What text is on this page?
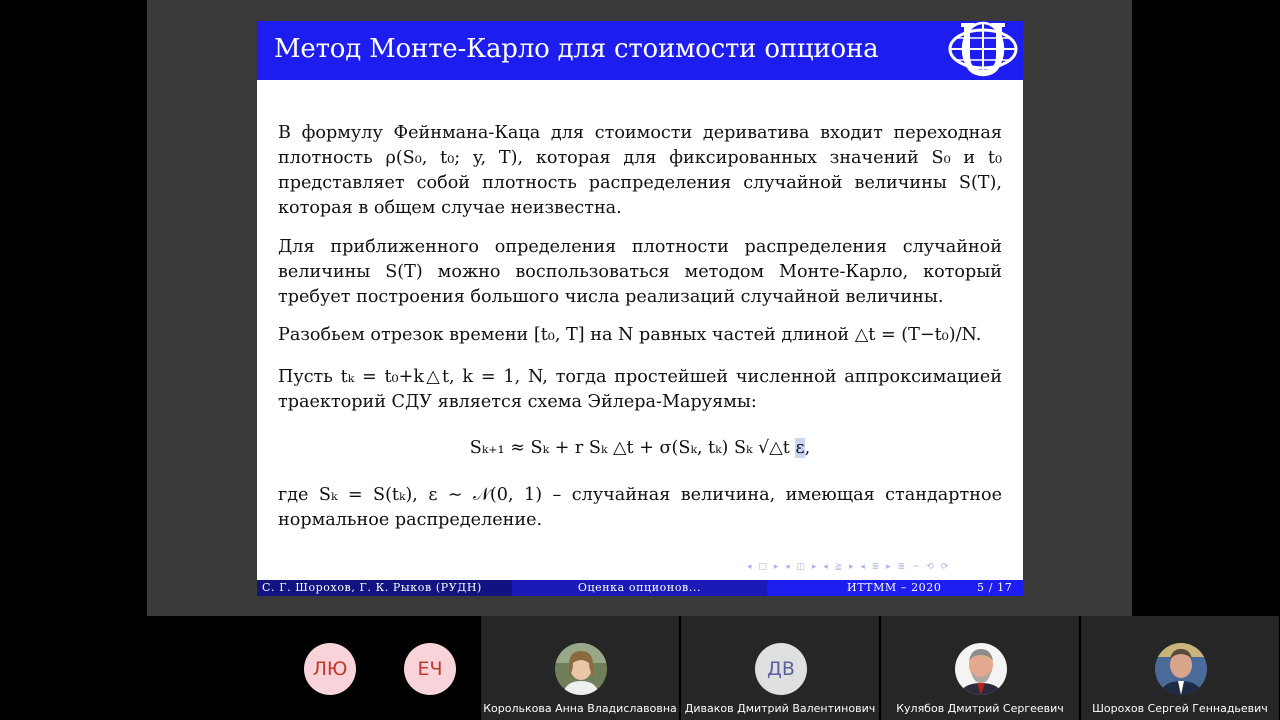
Метод Монте-Карло для стоимости опциона

В формулу Фейнмана-Каца для стоимости деривативa входит переходная плотность ρ(S₀, t₀; y, T), которая для фиксированных значений S₀ и t₀ представляет собой плотность распределения случайной величины S(T), которая в общем случае неизвестна.

Для приближенного определения плотности распределения случайной величины S(T) можно воспользоваться методом Монте-Карло, который требует построения большого числа реализаций случайной величины.

Разобьем отрезок времени [t₀, T] на N равных частей длиной △t = (T−t₀)/N.

Пусть tₖ = t₀+k△t, k = 1, N, тогда простейшей численной аппроксимацией траекторий СДУ является схема Эйлера-Маруямы:

Sₖ₊₁ ≈ Sₖ + r Sₖ △t + σ(Sₖ, tₖ) Sₖ √△t ε,

где Sₖ = S(tₖ), ε ∼ 𝒩(0, 1) – случайная величина, имеющая стандартное нормальное распределение.

◂ □ ▸ ◂ ◫ ▸ ◂ ≧ ▸ ◂ ≣ ▸ ≣ ∽ ⟲ ⟳
С. Г. Шорохов, Г. К. Рыков (РУДН)	Оценка опционов...	ИТТММ – 2020	5 / 17
ЛЮ	ЕЧ
Королькова Анна Владиславовна
ДВ
Диваков Дмитрий Валентинович	Кулябов Дмитрий Сергеевич	Шорохов Сергей Геннадьевич
